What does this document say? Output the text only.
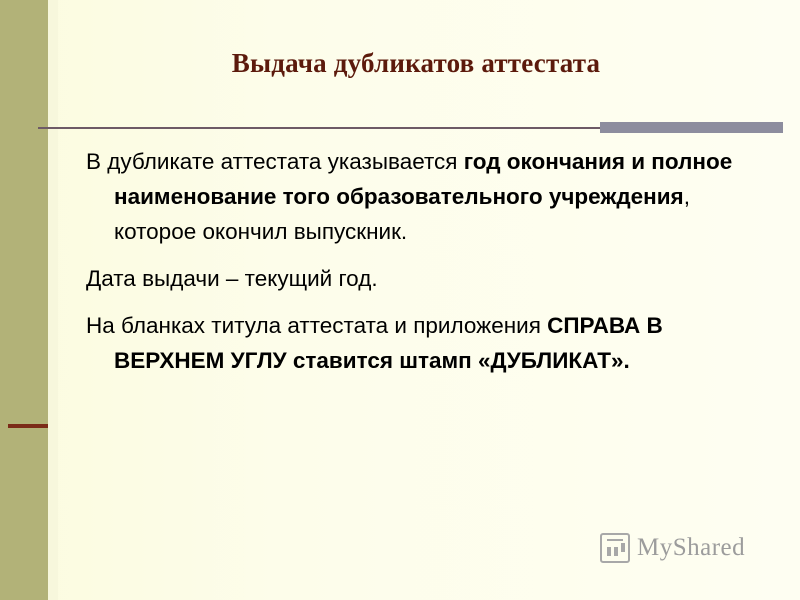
Выдача дубликатов аттестата

В дубликате аттестата указывается год окончания и полное наименование того образовательного учреждения, которое окончил выпускник.

Дата выдачи – текущий год.

На бланках титула аттестата и приложения СПРАВА В ВЕРХНЕМ УГЛУ ставится штамп «ДУБЛИКАТ».

MyShared
